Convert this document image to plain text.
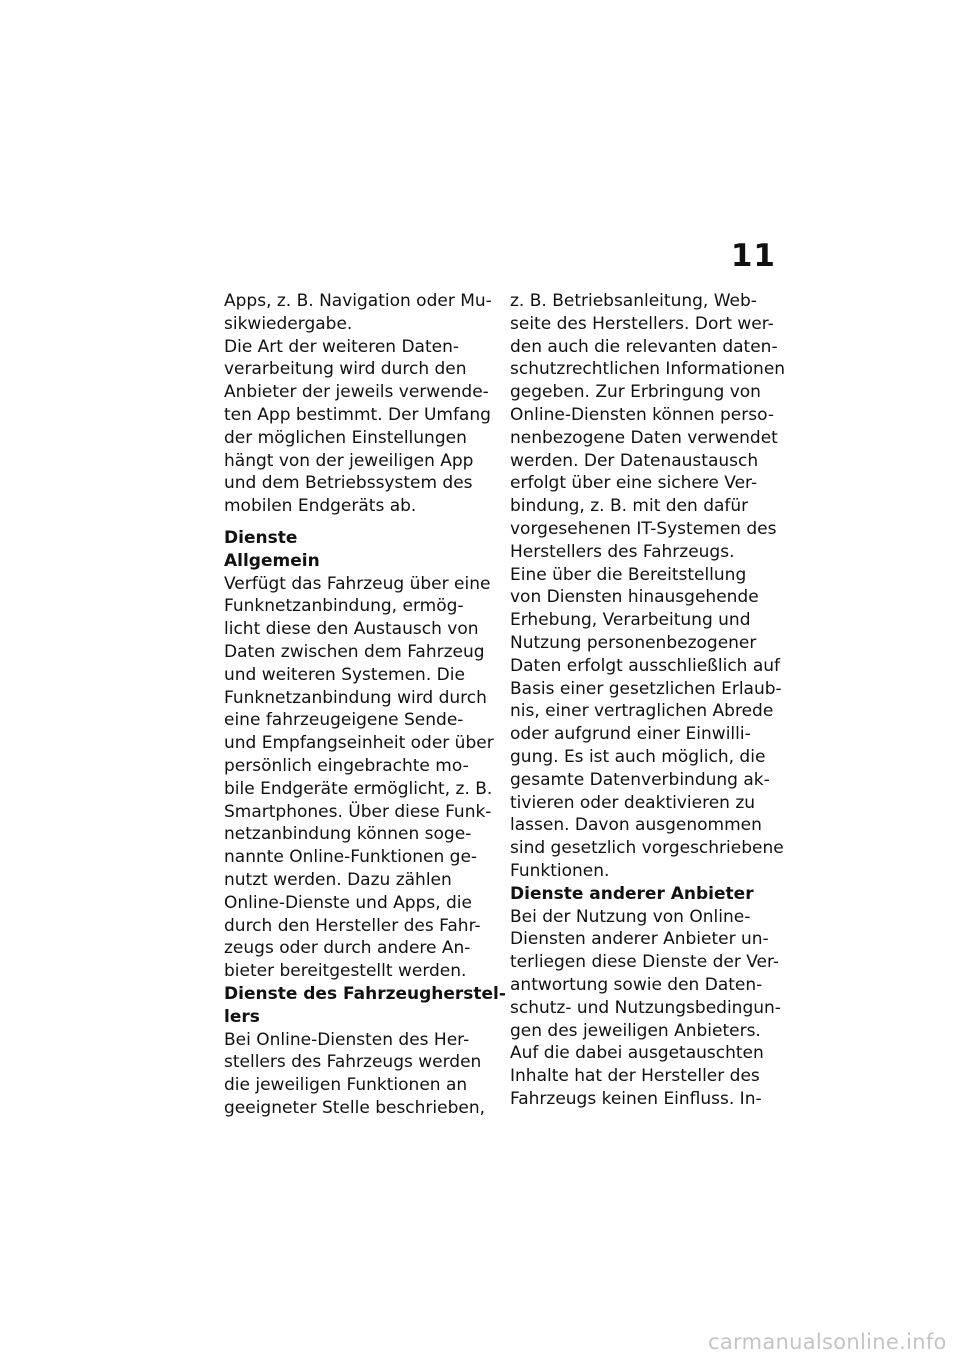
11
Apps, z. B. Navigation oder Mu-
sikwiedergabe.
Die Art der weiteren Daten-
verarbeitung wird durch den
Anbieter der jeweils verwende-
ten App bestimmt. Der Umfang
der möglichen Einstellungen
hängt von der jeweiligen App
und dem Betriebssystem des
mobilen Endgeräts ab.
Dienste
Allgemein
Verfügt das Fahrzeug über eine
Funknetzanbindung, ermög-
licht diese den Austausch von
Daten zwischen dem Fahrzeug
und weiteren Systemen. Die
Funknetzanbindung wird durch
eine fahrzeugeigene Sende-
und Empfangseinheit oder über
persönlich eingebrachte mo-
bile Endgeräte ermöglicht, z. B.
Smartphones. Über diese Funk-
netzanbindung können soge-
nannte Online-Funktionen ge-
nutzt werden. Dazu zählen
Online-Dienste und Apps, die
durch den Hersteller des Fahr-
zeugs oder durch andere An-
bieter bereitgestellt werden.
Dienste des Fahrzeugherstel-
lers
Bei Online-Diensten des Her-
stellers des Fahrzeugs werden
die jeweiligen Funktionen an
geeigneter Stelle beschrieben,
z. B. Betriebsanleitung, Web-
seite des Herstellers. Dort wer-
den auch die relevanten daten-
schutzrechtlichen Informationen
gegeben. Zur Erbringung von
Online-Diensten können perso-
nenbezogene Daten verwendet
werden. Der Datenaustausch
erfolgt über eine sichere Ver-
bindung, z. B. mit den dafür
vorgesehenen IT-Systemen des
Herstellers des Fahrzeugs.
Eine über die Bereitstellung
von Diensten hinausgehende
Erhebung, Verarbeitung und
Nutzung personenbezogener
Daten erfolgt ausschließlich auf
Basis einer gesetzlichen Erlaub-
nis, einer vertraglichen Abrede
oder aufgrund einer Einwilli-
gung. Es ist auch möglich, die
gesamte Datenverbindung ak-
tivieren oder deaktivieren zu
lassen. Davon ausgenommen
sind gesetzlich vorgeschriebene
Funktionen.
Dienste anderer Anbieter
Bei der Nutzung von Online-
Diensten anderer Anbieter un-
terliegen diese Dienste der Ver-
antwortung sowie den Daten-
schutz- und Nutzungsbedingun-
gen des jeweiligen Anbieters.
Auf die dabei ausgetauschten
Inhalte hat der Hersteller des
Fahrzeugs keinen Einfluss. In-
carmanualsonline.info
